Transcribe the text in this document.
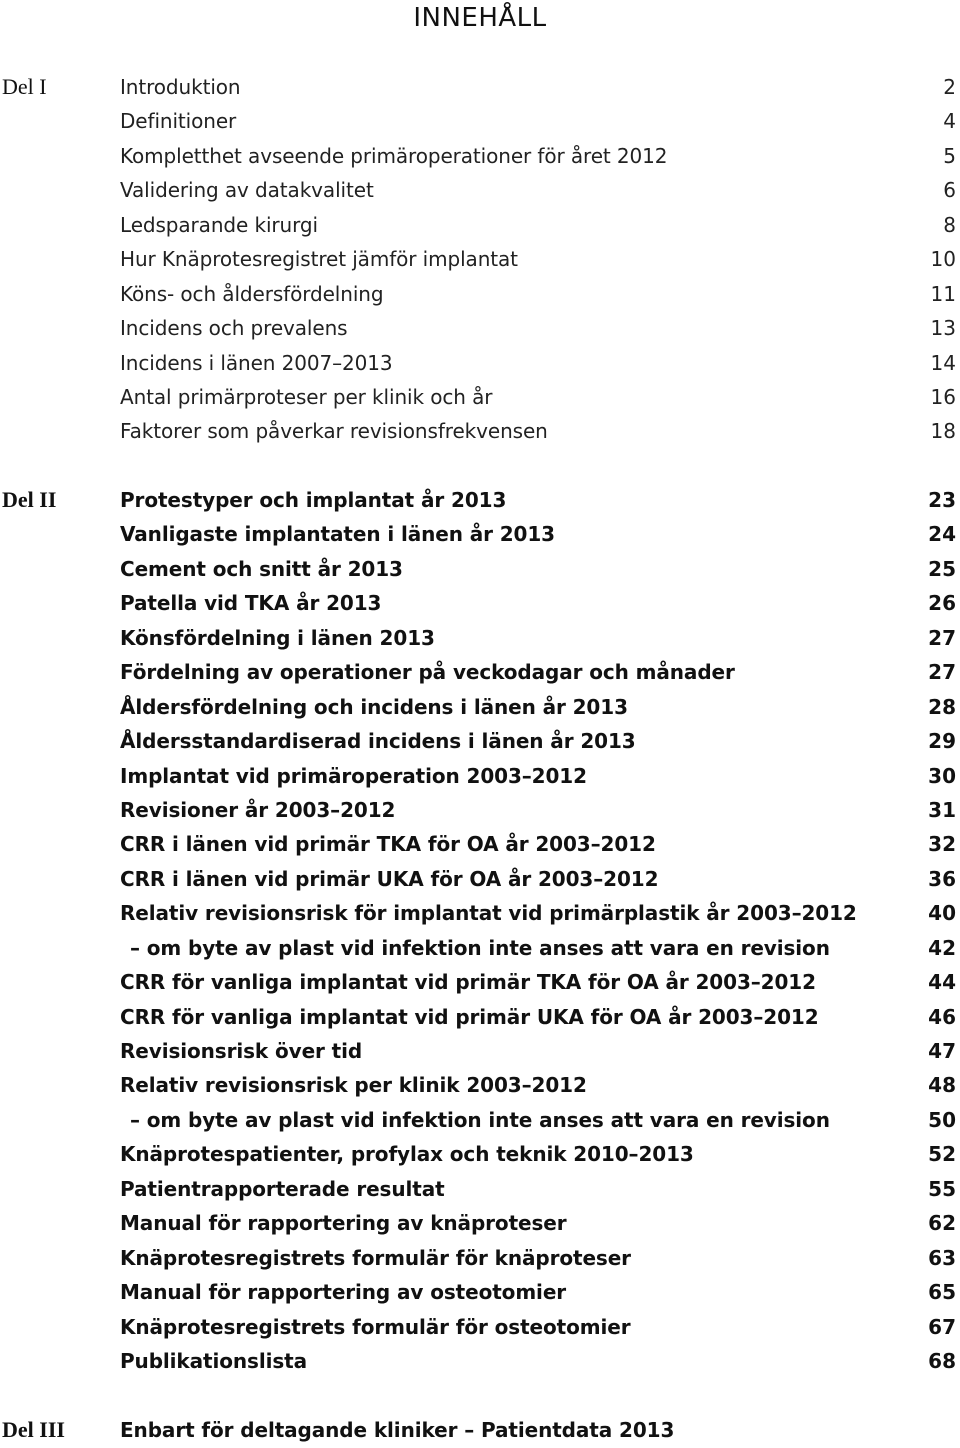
INNEHÅLL
Del I	Introduktion	2
Definitioner	4
Kompletthet avseende primäroperationer för året 2012	5
Validering av datakvalitet	6
Ledsparande kirurgi	8
Hur Knäprotesregistret jämför implantat	10
Köns- och åldersfördelning	11
Incidens och prevalens	13
Incidens i länen 2007–2013	14
Antal primärproteser per klinik och år	16
Faktorer som påverkar revisionsfrekvensen	18
Del II	Protestyper och implantat år 2013	23
Vanligaste implantaten i länen år 2013	24
Cement och snitt år 2013	25
Patella vid TKA år 2013	26
Könsfördelning i länen 2013	27
Fördelning av operationer på veckodagar och månader	27
Åldersfördelning och incidens i länen år 2013	28
Åldersstandardiserad incidens i länen år 2013	29
Implantat vid primäroperation 2003–2012	30
Revisioner år 2003–2012	31
CRR i länen vid primär TKA för OA år 2003–2012	32
CRR i länen vid primär UKA för OA år 2003–2012	36
Relativ revisionsrisk för implantat vid primärplastik år 2003–2012	40
– om byte av plast vid infektion inte anses att vara en revision	42
CRR för vanliga implantat vid primär TKA för OA år 2003–2012	44
CRR för vanliga implantat vid primär UKA för OA år 2003–2012	46
Revisionsrisk över tid	47
Relativ revisionsrisk per klinik 2003–2012	48
– om byte av plast vid infektion inte anses att vara en revision	50
Knäprotespatienter, profylax och teknik 2010–2013	52
Patientrapporterade resultat	55
Manual för rapportering av knäproteser	62
Knäprotesregistrets formulär för knäproteser	63
Manual för rapportering av osteotomier	65
Knäprotesregistrets formulär för osteotomier	67
Publikationslista	68
Del III	Enbart för deltagande kliniker – Patientdata 2013
